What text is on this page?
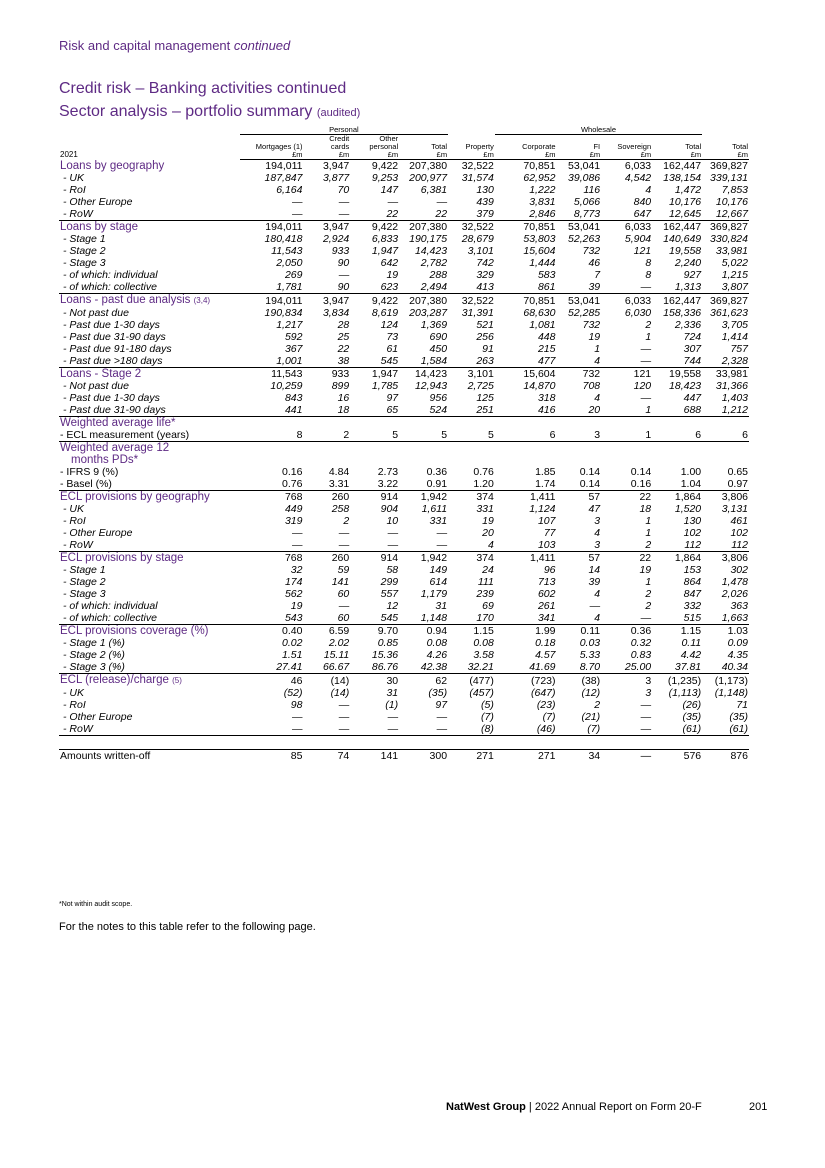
Risk and capital management continued
Credit risk – Banking activities continued
Sector analysis – portfolio summary (audited)
	Personal					Wholesale				
		Credit	Other							
	Mortgages (1)	cards	personal	Total	Property	Corporate	FI	Sovereign	Total	Total
2021	£m	£m	£m	£m	£m	£m	£m	£m	£m	£m
Loans by geography	194,011	3,947	9,422	207,380	32,522	70,851	53,041	6,033	162,447	369,827
- UK	187,847	3,877	9,253	200,977	31,574	62,952	39,086	4,542	138,154	339,131
- RoI	6,164	70	147	6,381	130	1,222	116	4	1,472	7,853
- Other Europe	—	—	—	—	439	3,831	5,066	840	10,176	10,176
- RoW	—	—	22	22	379	2,846	8,773	647	12,645	12,667
Loans by stage	194,011	3,947	9,422	207,380	32,522	70,851	53,041	6,033	162,447	369,827
- Stage 1	180,418	2,924	6,833	190,175	28,679	53,803	52,263	5,904	140,649	330,824
- Stage 2	11,543	933	1,947	14,423	3,101	15,604	732	121	19,558	33,981
- Stage 3	2,050	90	642	2,782	742	1,444	46	8	2,240	5,022
- of which: individual	269	—	19	288	329	583	7	8	927	1,215
- of which: collective	1,781	90	623	2,494	413	861	39	—	1,313	3,807
Loans - past due analysis (3,4)	194,011	3,947	9,422	207,380	32,522	70,851	53,041	6,033	162,447	369,827
- Not past due	190,834	3,834	8,619	203,287	31,391	68,630	52,285	6,030	158,336	361,623
- Past due 1-30 days	1,217	28	124	1,369	521	1,081	732	2	2,336	3,705
- Past due 31-90 days	592	25	73	690	256	448	19	1	724	1,414
- Past due 91-180 days	367	22	61	450	91	215	1	—	307	757
- Past due >180 days	1,001	38	545	1,584	263	477	4	—	744	2,328
Loans - Stage 2	11,543	933	1,947	14,423	3,101	15,604	732	121	19,558	33,981
- Not past due	10,259	899	1,785	12,943	2,725	14,870	708	120	18,423	31,366
- Past due 1-30 days	843	16	97	956	125	318	4	—	447	1,403
- Past due 31-90 days	441	18	65	524	251	416	20	1	688	1,212
Weighted average life*										
- ECL measurement (years)	8	2	5	5	5	6	3	1	6	6
Weighted average 12										
months PDs*										
- IFRS 9 (%)	0.16	4.84	2.73	0.36	0.76	1.85	0.14	0.14	1.00	0.65
- Basel (%)	0.76	3.31	3.22	0.91	1.20	1.74	0.14	0.16	1.04	0.97
ECL provisions by geography	768	260	914	1,942	374	1,411	57	22	1,864	3,806
- UK	449	258	904	1,611	331	1,124	47	18	1,520	3,131
- RoI	319	2	10	331	19	107	3	1	130	461
- Other Europe	—	—	—	—	20	77	4	1	102	102
- RoW	—	—	—	—	4	103	3	2	112	112
ECL provisions by stage	768	260	914	1,942	374	1,411	57	22	1,864	3,806
- Stage 1	32	59	58	149	24	96	14	19	153	302
- Stage 2	174	141	299	614	111	713	39	1	864	1,478
- Stage 3	562	60	557	1,179	239	602	4	2	847	2,026
- of which: individual	19	—	12	31	69	261	—	2	332	363
- of which: collective	543	60	545	1,148	170	341	4	—	515	1,663
ECL provisions coverage (%)	0.40	6.59	9.70	0.94	1.15	1.99	0.11	0.36	1.15	1.03
- Stage 1 (%)	0.02	2.02	0.85	0.08	0.08	0.18	0.03	0.32	0.11	0.09
- Stage 2 (%)	1.51	15.11	15.36	4.26	3.58	4.57	5.33	0.83	4.42	4.35
- Stage 3 (%)	27.41	66.67	86.76	42.38	32.21	41.69	8.70	25.00	37.81	40.34
ECL (release)/charge (5)	46	(14)	30	62	(477)	(723)	(38)	3	(1,235)	(1,173)
- UK	(52)	(14)	31	(35)	(457)	(647)	(12)	3	(1,113)	(1,148)
- RoI	98	—	(1)	97	(5)	(23)	2	—	(26)	71
- Other Europe	—	—	—	—	(7)	(7)	(21)	—	(35)	(35)
- RoW	—	—	—	—	(8)	(46)	(7)	—	(61)	(61)

Amounts written-off	85	74	141	300	271	271	34	—	576	876
*Not within audit scope.
For the notes to this table refer to the following page.
NatWest Group | 2022 Annual Report on Form 20-F	201
